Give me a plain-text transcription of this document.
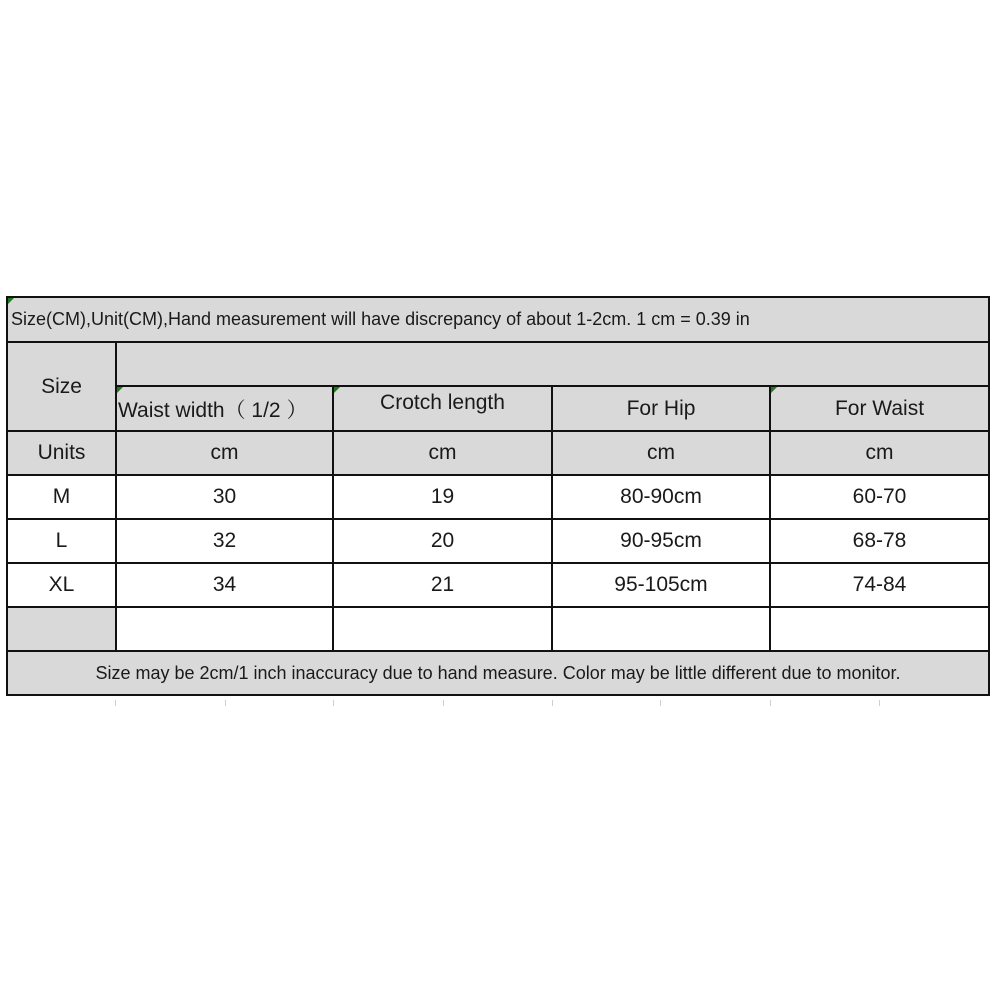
Size(CM),Unit(CM),Hand measurement will have discrepancy of about 1-2cm. 1 cm = 0.39 in
Size
Waist width（ 1/2 ）	Crotch length	For Hip	For Waist
Units	cm	cm	cm	cm
M	30	19	80-90cm	60-70
L	32	20	90-95cm	68-78
XL	34	21	95-105cm	74-84
Size may be 2cm/1 inch inaccuracy due to hand measure. Color may be little different due to monitor.
